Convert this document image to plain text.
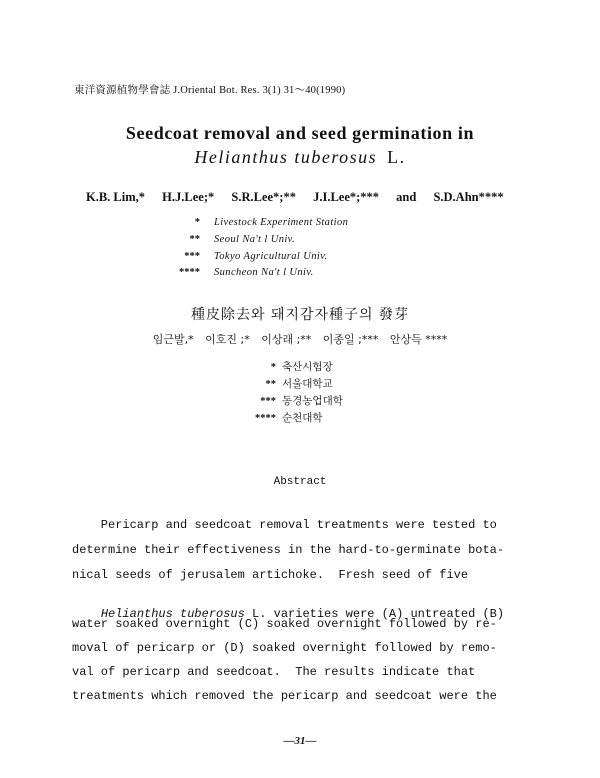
東洋資源植物學會誌 J.Oriental Bot. Res. 3(1) 31～40(1990)
Seedcoat removal and seed germination in
Helianthus tuberosus L.
K.B. Lim,* H.J.Lee;* S.R.Lee*;** J.I.Lee*;*** and S.D.Ahn****
* Livestock Experiment Station
** Seoul Na't l Univ.
*** Tokyo Agricultural Univ.
**** Suncheon Na't l Univ.
種皮除去와 돼지감자種子의 發芽
임근발,* 이호진 ;* 이상래 ;** 이종일 ;*** 안상득 ****
* 축산시험장
** 서울대학교
*** 동경농업대학
**** 순천대학
Abstract
Pericarp and seedcoat removal treatments were tested to
determine their effectiveness in the hard-to-germinate bota-
nical seeds of jerusalem artichoke.  Fresh seed of five

Helianthus tuberosus L. varieties were (A) untreated (B)

water soaked overnight (C) soaked overnight followed by re-
moval of pericarp or (D) soaked overnight followed by remo-
val of pericarp and seedcoat.  The results indicate that
treatments which removed the pericarp and seedcoat were the
—31—
